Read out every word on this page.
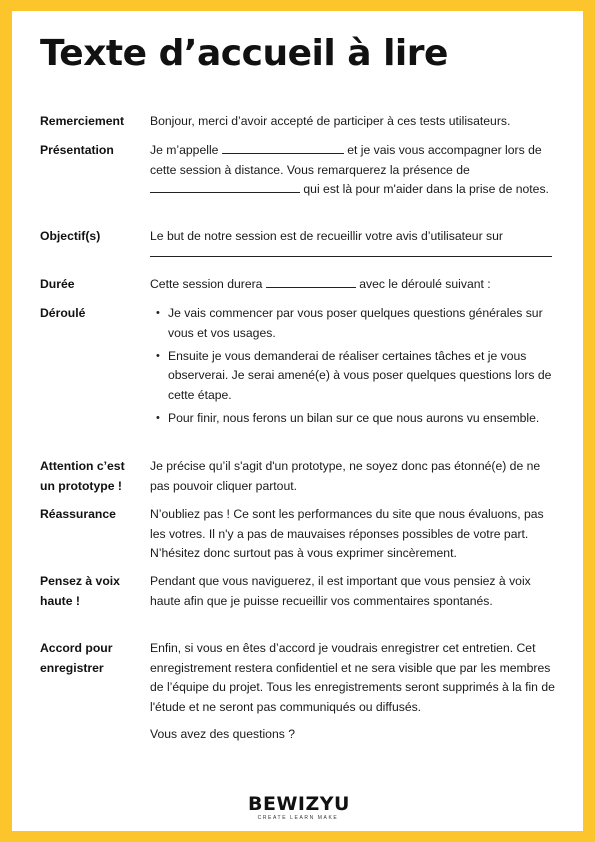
Texte d’accueil à lire
Remerciement	Bonjour, merci d’avoir accepté de participer à ces tests utilisateurs.
Présentation	Je m’appelle	et je vais vous accompagner lors de cette session à distance. Vous remarquerez la présence de  qui est là pour m'aider dans la prise de notes.
Objectif(s)	Le but de notre session est de recueillir votre avis d’utilisateur sur
Durée	Cette session durera	avec le déroulé suivant :
Déroulé
•	Je vais commencer par vous poser quelques questions générales sur vous et vos usages.
• Ensuite je vous demanderai de réaliser certaines tâches et je vous observerai. Je serai amené(e) à vous poser quelques questions lors de cette étape.
• Pour finir, nous ferons un bilan sur ce que nous aurons vu ensemble.
Attention c’est un prototype !
Je précise qu’il s'agit d'un prototype, ne soyez donc pas étonné(e) de ne pas pouvoir cliquer partout.
Réassurance	N’oubliez pas ! Ce sont les performances du site que nous évaluons, pas les votres. Il n'y a pas de mauvaises réponses possibles de votre part. N’hésitez donc surtout pas à vous exprimer sincèrement.
Pensez à voix haute !
Pendant que vous naviguerez, il est important que vous pensiez à voix haute afin que je puisse recueillir vos commentaires spontanés.
Accord pour enregistrer
Enfin, si vous en êtes d’accord je voudrais enregistrer cet entretien. Cet enregistrement restera confidentiel et ne sera visible que par les membres de l’équipe du projet. Tous les enregistrements seront supprimés à la fin de l'étude et ne seront pas communiqués ou diffusés.
Vous avez des questions ?
BEWIZYU
CREATE LEARN MAKE
